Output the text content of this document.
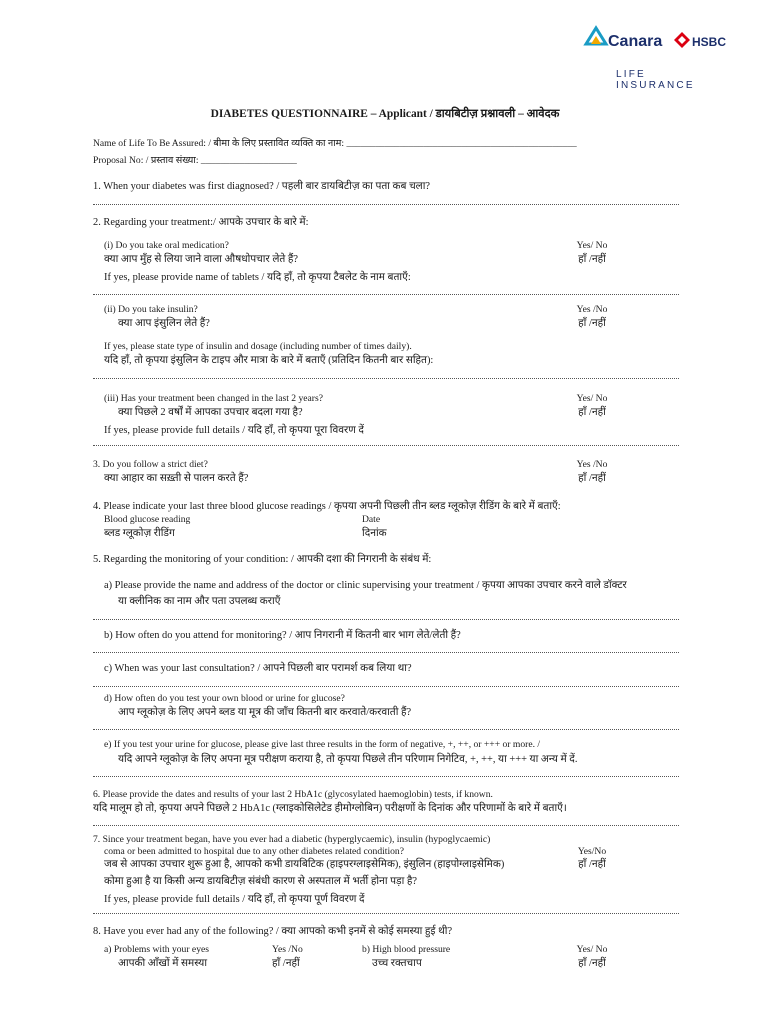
Canara HSBC
LIFE INSURANCE
DIABETES QUESTIONNAIRE – Applicant / डायबिटीज़ प्रश्नावली – आवेदक
Name of Life To Be Assured: / बीमा के लिए प्रस्तावित व्यक्ति का नाम: ________________________________________________
Proposal No: / प्रस्ताव संख्या: ____________________
1. When your diabetes was first diagnosed? / पहली बार डायबिटीज़ का पता कब चला?
2. Regarding your treatment:/ आपके उपचार के बारे में:
(i) Do you take oral medication?
क्या आप मुँह से लिया जाने वाला औषधोपचार लेते हैं?
Yes/ No
हाँ /नहीं
If yes, please provide name of tablets / यदि हाँ, तो कृपया टैबलेट के नाम बताएँ:
(ii) Do you take insulin?
क्या आप इंसुलिन लेते हैं?
Yes /No
हाँ /नहीं
If yes, please state type of insulin and dosage (including number of times daily).
यदि हाँ, तो कृपया इंसुलिन के टाइप और मात्रा के बारे में बताएँ (प्रतिदिन कितनी बार सहित):
(iii) Has your treatment been changed in the last 2 years?
क्या पिछले 2 वर्षों में आपका उपचार बदला गया है?
Yes/ No
हाँ /नहीं
If yes, please provide full details / यदि हाँ, तो कृपया पूरा विवरण दें
3. Do you follow a strict diet?
क्या आहार का सख़्ती से पालन करते हैं?
Yes /No
हाँ /नहीं
4. Please indicate your last three blood glucose readings / कृपया अपनी पिछली तीन ब्लड ग्लूकोज़ रीडिंग के बारे में बताएँ:
Blood glucose reading
ब्लड ग्लूकोज़ रीडिंग
Date
दिनांक
5. Regarding the monitoring of your condition: / आपकी दशा की निगरानी के संबंध में:
a) Please provide the name and address of the doctor or clinic supervising your treatment / कृपया आपका उपचार करने वाले डॉक्टर
या क्लीनिक का नाम और पता उपलब्ध कराएँ
b) How often do you attend for monitoring? / आप निगरानी में कितनी बार भाग लेते/लेती हैं?
c) When was your last consultation? / आपने पिछली बार परामर्श कब लिया था?
d) How often do you test your own blood or urine for glucose?
आप ग्लूकोज़ के लिए अपने ब्लड या मूत्र की जाँच कितनी बार करवाते/करवाती हैं?
e) If you test your urine for glucose, please give last three results in the form of negative, +, ++, or +++ or more. /
यदि आपने ग्लूकोज़ के लिए अपना मूत्र परीक्षण कराया है, तो कृपया पिछले तीन परिणाम निगेटिव, +, ++, या +++ या अन्य में दें.
6. Please provide the dates and results of your last 2 HbA1c (glycosylated haemoglobin) tests, if known.
यदि मालूम हो तो, कृपया अपने पिछले 2 HbA1c (ग्लाइकोसिलेटेड हीमोग्लोबिन) परीक्षणों के दिनांक और परिणामों के बारे में बताएँ।
7. Since your treatment began, have you ever had a diabetic (hyperglycaemic), insulin (hypoglycaemic)
coma or been admitted to hospital due to any other diabetes related condition?
जब से आपका उपचार शुरू हुआ है, आपको कभी डायबिटिक (हाइपरग्लाइसेमिक), इंसुलिन (हाइपोग्लाइसेमिक)
कोमा हुआ है या किसी अन्य डायबिटीज़ संबंधी कारण से अस्पताल में भर्ती होना पड़ा है?
Yes/No
हाँ /नहीं
If yes, please provide full details / यदि हाँ, तो कृपया पूर्ण विवरण दें
8. Have you ever had any of the following? / क्या आपको कभी इनमें से कोई समस्या हुई थी?
a) Problems with your eyes
आपकी आँखों में समस्या
Yes /No
हाँ /नहीं
b) High blood pressure
उच्च रक्तचाप
Yes/ No
हाँ /नहीं
